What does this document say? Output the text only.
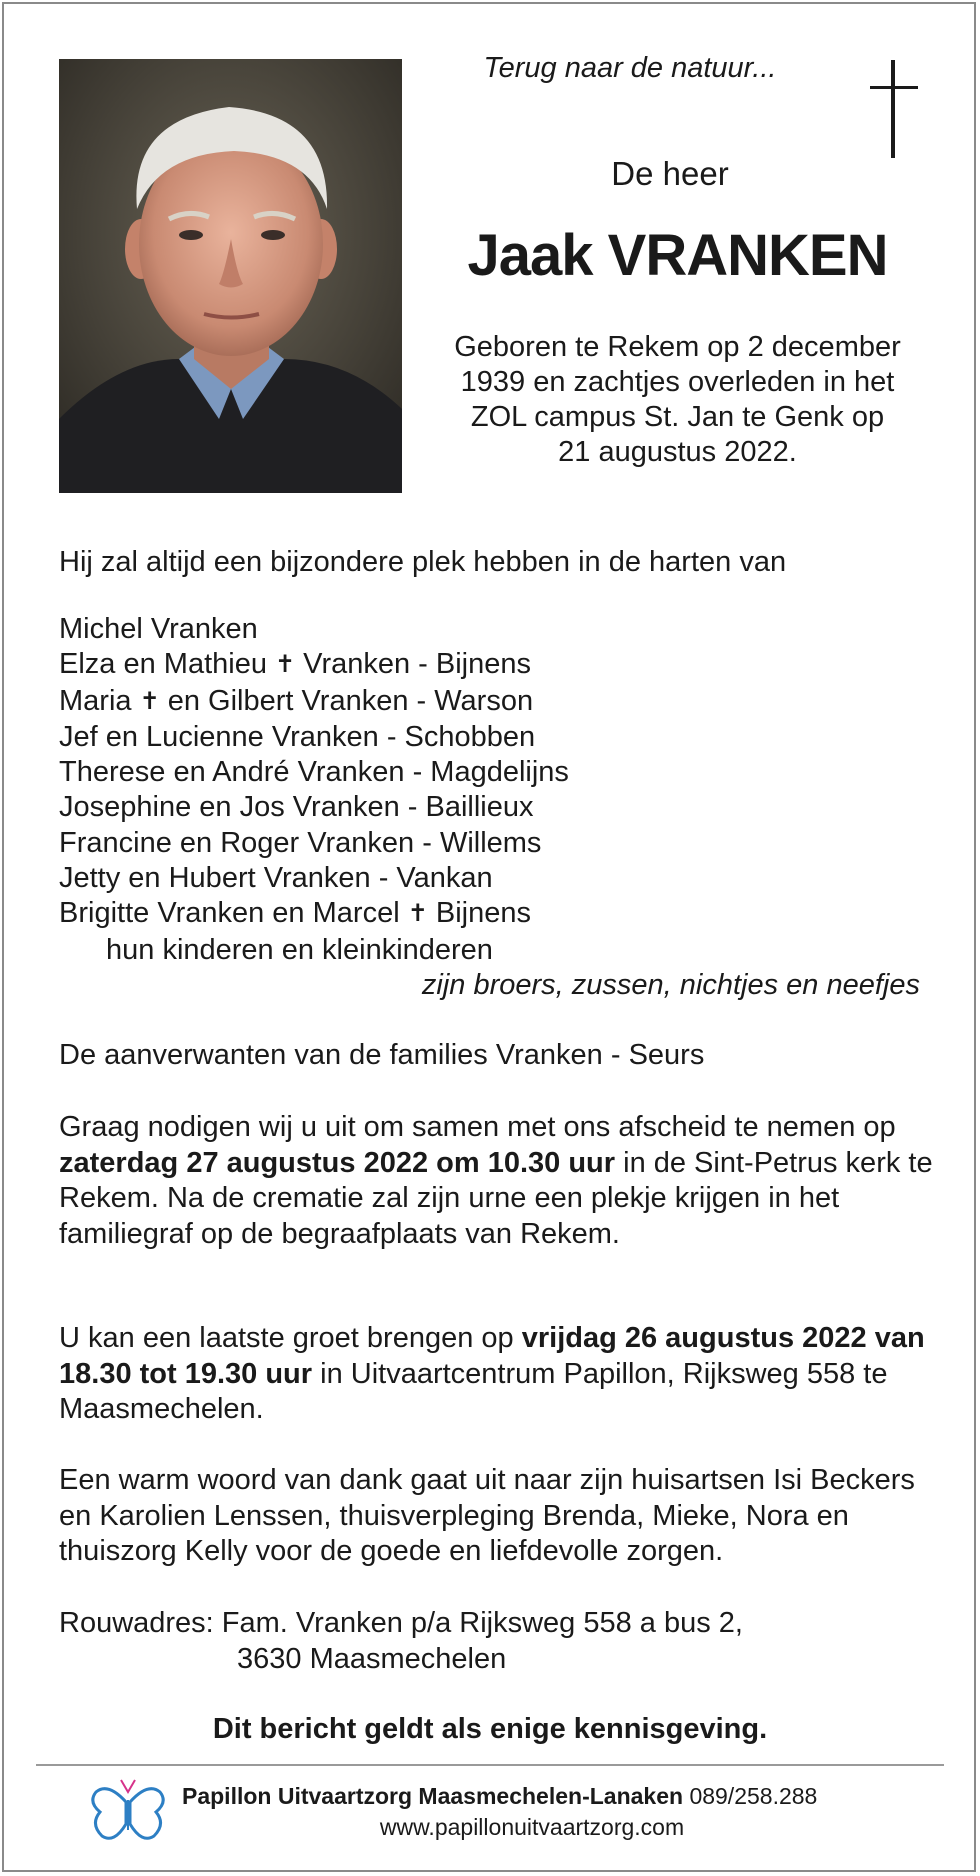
Terug naar de natuur...
De heer
Jaak VRANKEN
Geboren te Rekem op 2 december
1939 en zachtjes overleden in het
ZOL campus St. Jan te Genk op
21 augustus 2022.
Hij zal altijd een bijzondere plek hebben in de harten van
Michel Vranken
Elza en Mathieu ✝ Vranken - Bijnens
Maria ✝ en Gilbert Vranken - Warson
Jef en Lucienne Vranken - Schobben
Therese en André Vranken - Magdelijns
Josephine en Jos Vranken - Baillieux
Francine en Roger Vranken - Willems
Jetty en Hubert Vranken - Vankan
Brigitte Vranken en Marcel ✝ Bijnens
hun kinderen en kleinkinderen
zijn broers, zussen, nichtjes en neefjes
De aanverwanten van de families Vranken - Seurs
Graag nodigen wij u uit om samen met ons afscheid te nemen op zaterdag 27 augustus 2022 om 10.30 uur in de Sint-Petrus kerk te Rekem. Na de crematie zal zijn urne een plekje krijgen in het familiegraf op de begraafplaats van Rekem.
U kan een laatste groet brengen op vrijdag 26 augustus 2022 van 18.30 tot 19.30 uur in Uitvaartcentrum Papillon, Rijksweg 558 te Maasmechelen.
Een warm woord van dank gaat uit naar zijn huisartsen Isi Beckers en Karolien Lenssen, thuisverpleging Brenda, Mieke, Nora en thuiszorg Kelly voor de goede en liefdevolle zorgen.
Rouwadres: Fam. Vranken p/a Rijksweg 558 a bus 2,
3630 Maasmechelen
Dit bericht geldt als enige kennisgeving.
Papillon Uitvaartzorg Maasmechelen-Lanaken 089/258.288
www.papillonuitvaartzorg.com
